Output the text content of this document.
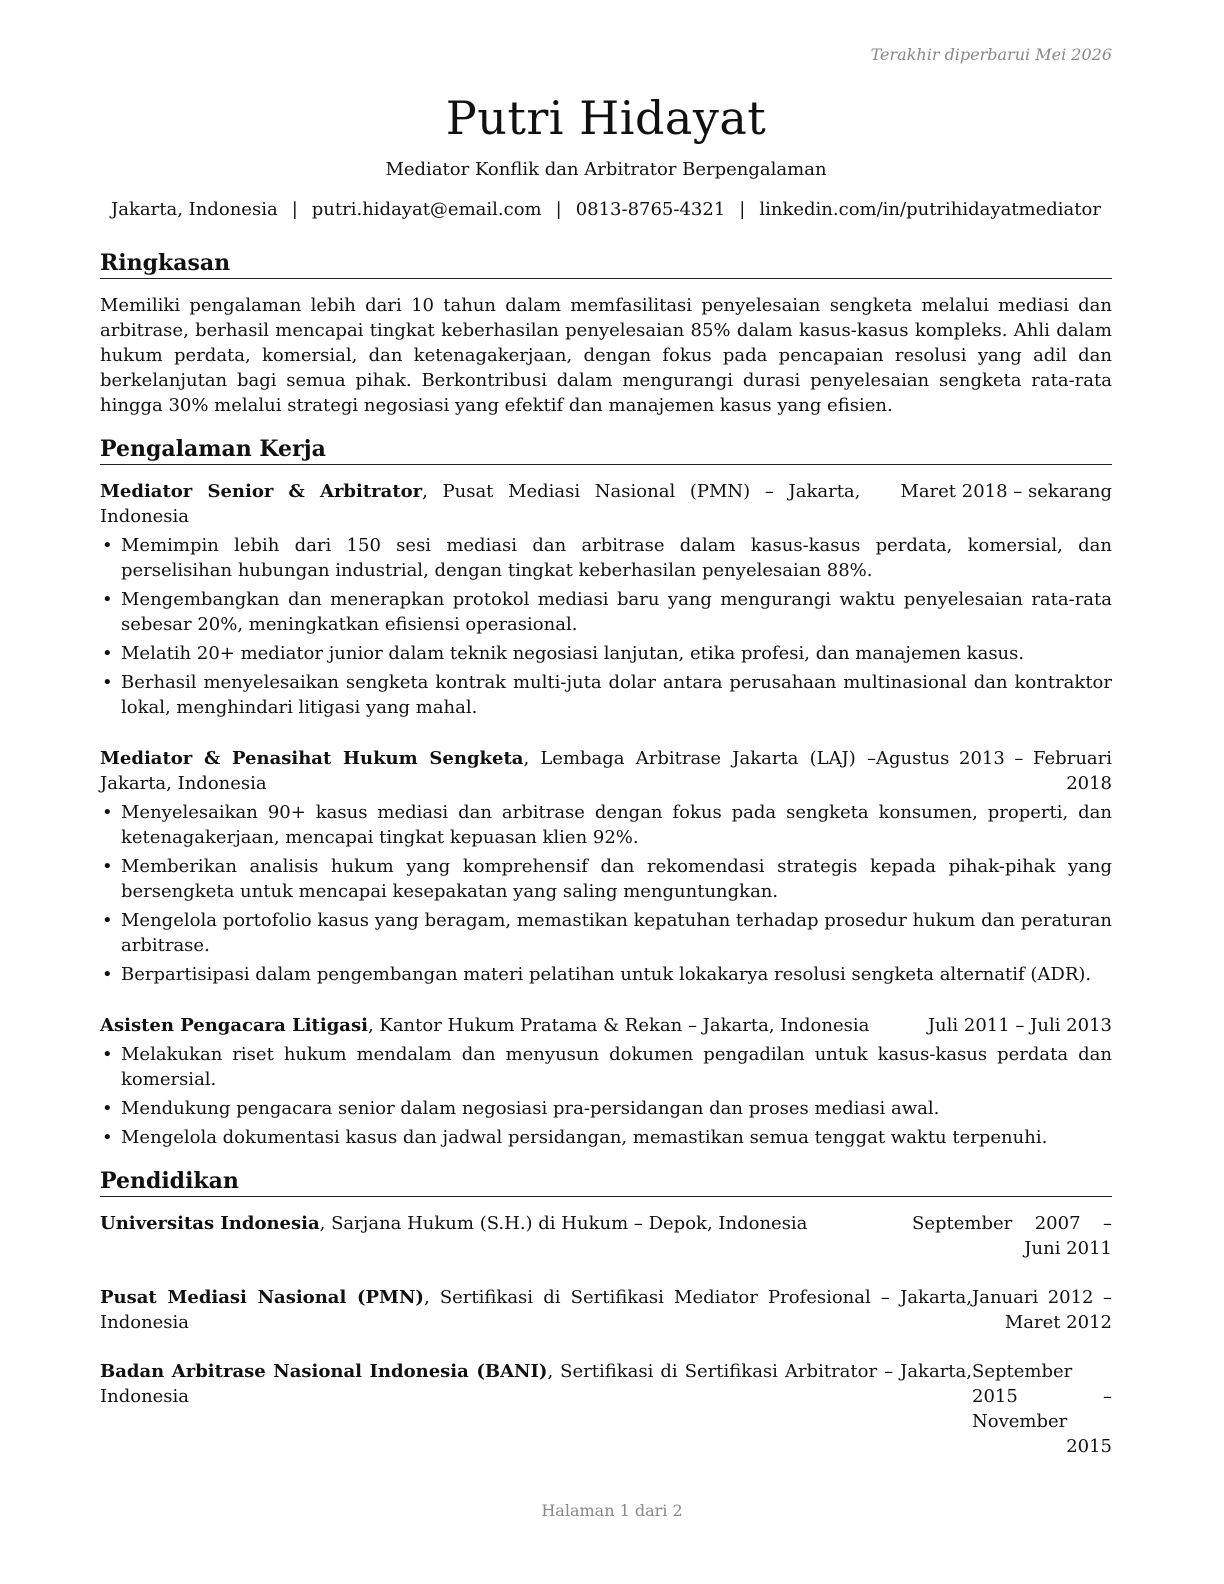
Terakhir diperbarui Mei 2026
Putri Hidayat
Mediator Konflik dan Arbitrator Berpengalaman
Jakarta, Indonesia | putri.hidayat@email.com | 0813-8765-4321 | linkedin.com/in/putrihidayatmediator
Ringkasan
Memiliki pengalaman lebih dari 10 tahun dalam memfasilitasi penyelesaian sengketa melalui mediasi dan arbitrase, berhasil mencapai tingkat keberhasilan penyelesaian 85% dalam kasus-kasus kompleks. Ahli dalam hukum perdata, komersial, dan ketenagakerjaan, dengan fokus pada pencapaian resolusi yang adil dan berkelanjutan bagi semua pihak. Berkontribusi dalam mengurangi durasi penyelesaian sengketa rata-rata hingga 30% melalui strategi negosiasi yang efektif dan manajemen kasus yang efisien.
Pengalaman Kerja
Mediator Senior & Arbitrator, Pusat Mediasi Nasional (PMN) – Jakarta, Indonesia
Maret 2018 – sekarang
• Memimpin lebih dari 150 sesi mediasi dan arbitrase dalam kasus-kasus perdata, komersial, dan perselisihan hubungan industrial, dengan tingkat keberhasilan penyelesaian 88%.
• Mengembangkan dan menerapkan protokol mediasi baru yang mengurangi waktu penyelesaian rata-rata sebesar 20%, meningkatkan efisiensi operasional.
• Melatih 20+ mediator junior dalam teknik negosiasi lanjutan, etika profesi, dan manajemen kasus.
• Berhasil menyelesaikan sengketa kontrak multi-juta dolar antara perusahaan multinasional dan kontraktor lokal, menghindari litigasi yang mahal.
Mediator & Penasihat Hukum Sengketa, Lembaga Arbitrase Jakarta (LAJ) – Jakarta, Indonesia
Agustus 2013 – Februari 2018
• Menyelesaikan 90+ kasus mediasi dan arbitrase dengan fokus pada sengketa konsumen, properti, dan ketenagakerjaan, mencapai tingkat kepuasan klien 92%.
• Memberikan analisis hukum yang komprehensif dan rekomendasi strategis kepada pihak-pihak yang bersengketa untuk mencapai kesepakatan yang saling menguntungkan.
• Mengelola portofolio kasus yang beragam, memastikan kepatuhan terhadap prosedur hukum dan peraturan arbitrase.
• Berpartisipasi dalam pengembangan materi pelatihan untuk lokakarya resolusi sengketa alternatif (ADR).
Asisten Pengacara Litigasi, Kantor Hukum Pratama & Rekan – Jakarta, Indonesia	Juli 2011 – Juli 2013
• Melakukan riset hukum mendalam dan menyusun dokumen pengadilan untuk kasus-kasus perdata dan komersial.
• Mendukung pengacara senior dalam negosiasi pra-persidangan dan proses mediasi awal.
• Mengelola dokumentasi kasus dan jadwal persidangan, memastikan semua tenggat waktu terpenuhi.
Pendidikan
Universitas Indonesia, Sarjana Hukum (S.H.) di Hukum – Depok, Indonesia	September 2007 – Juni 2011
Pusat Mediasi Nasional (PMN), Sertifikasi di Sertifikasi Mediator Profesional – Jakarta, Indonesia
Januari 2012 – Maret 2012
Badan Arbitrase Nasional Indonesia (BANI), Sertifikasi di Sertifikasi Arbitrator – Jakarta, Indonesia
September 2015 – November 2015
Halaman 1 dari 2
